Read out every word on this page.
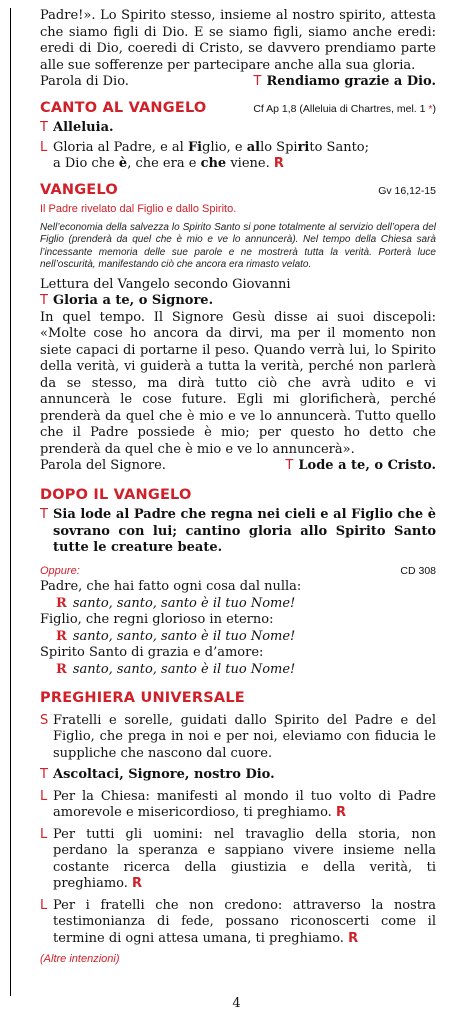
Padre!». Lo Spirito stesso, insieme al nostro spirito, attesta che siamo figli di Dio. E se siamo figli, siamo anche eredi: eredi di Dio, coeredi di Cristo, se davvero prendiamo parte alle sue sofferenze per partecipare anche alla sua gloria.

Parola di Dio.	T Rendiamo grazie a Dio.
CANTO AL VANGELO	Cf Ap 1,8 (Alleluia di Chartres, mel. 1 *)

T Alleluia.

L Gloria al Padre, e al Figlio, e allo Spirito Santo;
a Dio che è, che era e che viene. R

VANGELO	Gv 16,12-15
Il Padre rivelato dal Figlio e dallo Spirito.

Nell’economia della salvezza lo Spirito Santo si pone totalmente al servizio dell’opera del Figlio (prenderà da quel che è mio e ve lo annuncerà). Nel tempo della Chiesa sarà l’incessante memoria delle sue parole e ne mostrerà tutta la verità. Porterà luce nell’oscurità, manifestando ciò che ancora era rimasto velato.

Lettura del Vangelo secondo Giovanni

T Gloria a te, o Signore.

In quel tempo. Il Signore Gesù disse ai suoi discepoli: «Molte cose ho ancora da dirvi, ma per il momento non siete capaci di portarne il peso. Quando verrà lui, lo Spirito della verità, vi guiderà a tutta la verità, perché non parlerà da se stesso, ma dirà tutto ciò che avrà udito e vi annuncerà le cose future. Egli mi glorificherà, perché prenderà da quel che è mio e ve lo annuncerà. Tutto quello che il Padre possiede è mio; per questo ho detto che prenderà da quel che è mio e ve lo annuncerà».

Parola del Signore.	T Lode a te, o Cristo.
DOPO IL VANGELO

T Sia lode al Padre che regna nei cieli e al Figlio che è sovrano con lui; cantino gloria allo Spirito Santo tutte le creature beate.

Oppure:	CD 308

Padre, che hai fatto ogni cosa dal nulla:

R santo, santo, santo è il tuo Nome!

Figlio, che regni glorioso in eterno:

R santo, santo, santo è il tuo Nome!

Spirito Santo di grazia e d’amore:

R santo, santo, santo è il tuo Nome!

PREGHIERA UNIVERSALE

S Fratelli e sorelle, guidati dallo Spirito del Padre e del Figlio, che prega in noi e per noi, eleviamo con fiducia le suppliche che nascono dal cuore.

T Ascoltaci, Signore, nostro Dio.

L Per la Chiesa: manifesti al mondo il tuo volto di Padre amorevole e misericordioso, ti preghiamo. R

L Per tutti gli uomini: nel travaglio della storia, non perdano la speranza e sappiano vivere insieme nella costante ricerca della giustizia e della verità, ti preghiamo. R

L Per i fratelli che non credono: attraverso la nostra testimonianza di fede, possano riconoscerti come il termine di ogni attesa umana, ti preghiamo. R

(Altre intenzioni)
4
